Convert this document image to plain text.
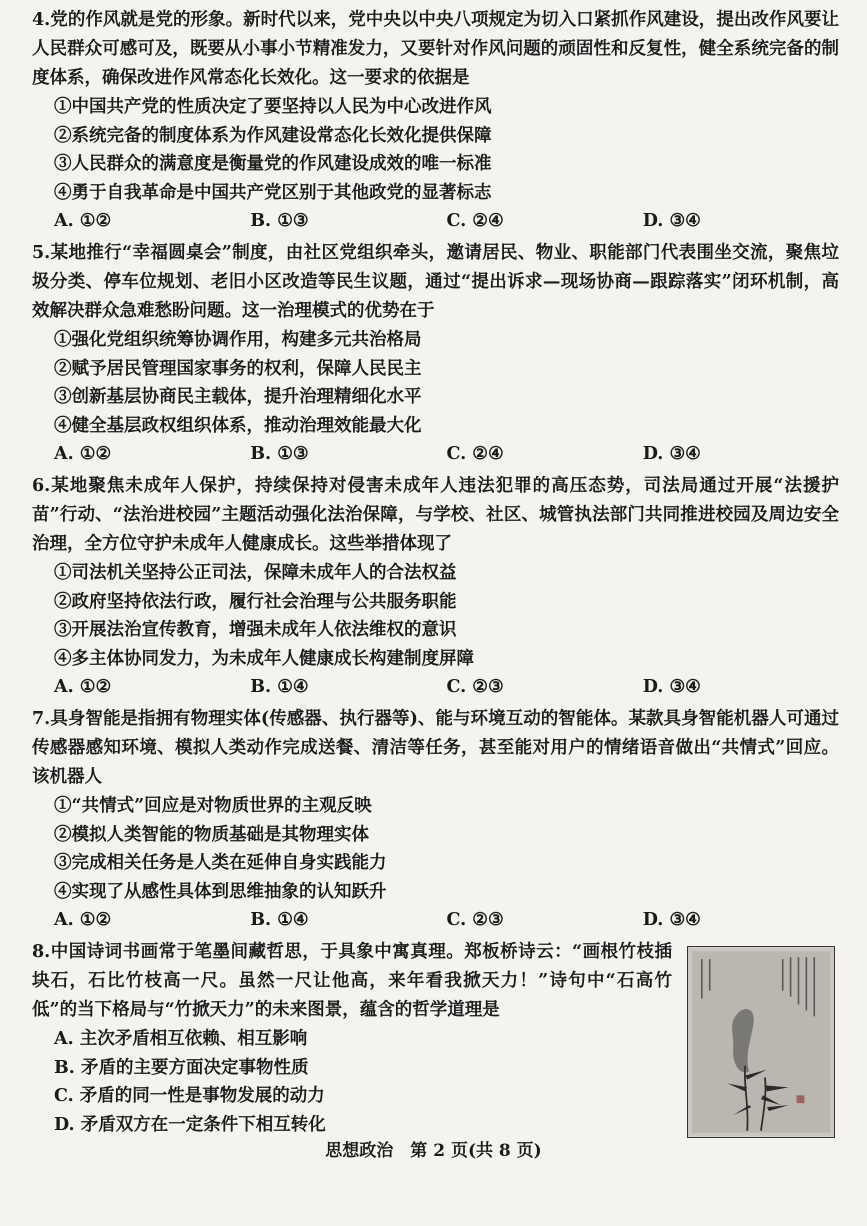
4.党的作风就是党的形象。新时代以来，党中央以中央八项规定为切入口紧抓作风建设，提出改作风要让人民群众可感可及，既要从小事小节精准发力，又要针对作风问题的顽固性和反复性，健全系统完备的制度体系，确保改进作风常态化长效化。这一要求的依据是
①中国共产党的性质决定了要坚持以人民为中心改进作风
②系统完备的制度体系为作风建设常态化长效化提供保障
③人民群众的满意度是衡量党的作风建设成效的唯一标准
④勇于自我革命是中国共产党区别于其他政党的显著标志
A. ①②	B. ①③	C. ②④	D. ③④
5.某地推行“幸福圆桌会”制度，由社区党组织牵头，邀请居民、物业、职能部门代表围坐交流，聚焦垃圾分类、停车位规划、老旧小区改造等民生议题，通过“提出诉求—现场协商—跟踪落实”闭环机制，高效解决群众急难愁盼问题。这一治理模式的优势在于
①强化党组织统筹协调作用，构建多元共治格局
②赋予居民管理国家事务的权利，保障人民民主
③创新基层协商民主载体，提升治理精细化水平
④健全基层政权组织体系，推动治理效能最大化
A. ①②	B. ①③	C. ②④	D. ③④
6.某地聚焦未成年人保护，持续保持对侵害未成年人违法犯罪的高压态势，司法局通过开展“法援护苗”行动、“法治进校园”主题活动强化法治保障，与学校、社区、城管执法部门共同推进校园及周边安全治理，全方位守护未成年人健康成长。这些举措体现了
①司法机关坚持公正司法，保障未成年人的合法权益
②政府坚持依法行政，履行社会治理与公共服务职能
③开展法治宣传教育，增强未成年人依法维权的意识
④多主体协同发力，为未成年人健康成长构建制度屏障
A. ①②	B. ①④	C. ②③	D. ③④
7.具身智能是指拥有物理实体(传感器、执行器等)、能与环境互动的智能体。某款具身智能机器人可通过传感器感知环境、模拟人类动作完成送餐、清洁等任务，甚至能对用户的情绪语音做出“共情式”回应。该机器人
①“共情式”回应是对物质世界的主观反映
②模拟人类智能的物质基础是其物理实体
③完成相关任务是人类在延伸自身实践能力
④实现了从感性具体到思维抽象的认知跃升
A. ①②	B. ①④	C. ②③	D. ③④
8.中国诗词书画常于笔墨间藏哲思，于具象中寓真理。郑板桥诗云：“画根竹枝插块石，石比竹枝高一尺。虽然一尺让他高，来年看我掀天力！”诗句中“石高竹低”的当下格局与“竹掀天力”的未来图景，蕴含的哲学道理是
A. 主次矛盾相互依赖、相互影响
B. 矛盾的主要方面决定事物性质
C. 矛盾的同一性是事物发展的动力
D. 矛盾双方在一定条件下相互转化
思想政治　第 2 页(共 8 页)
